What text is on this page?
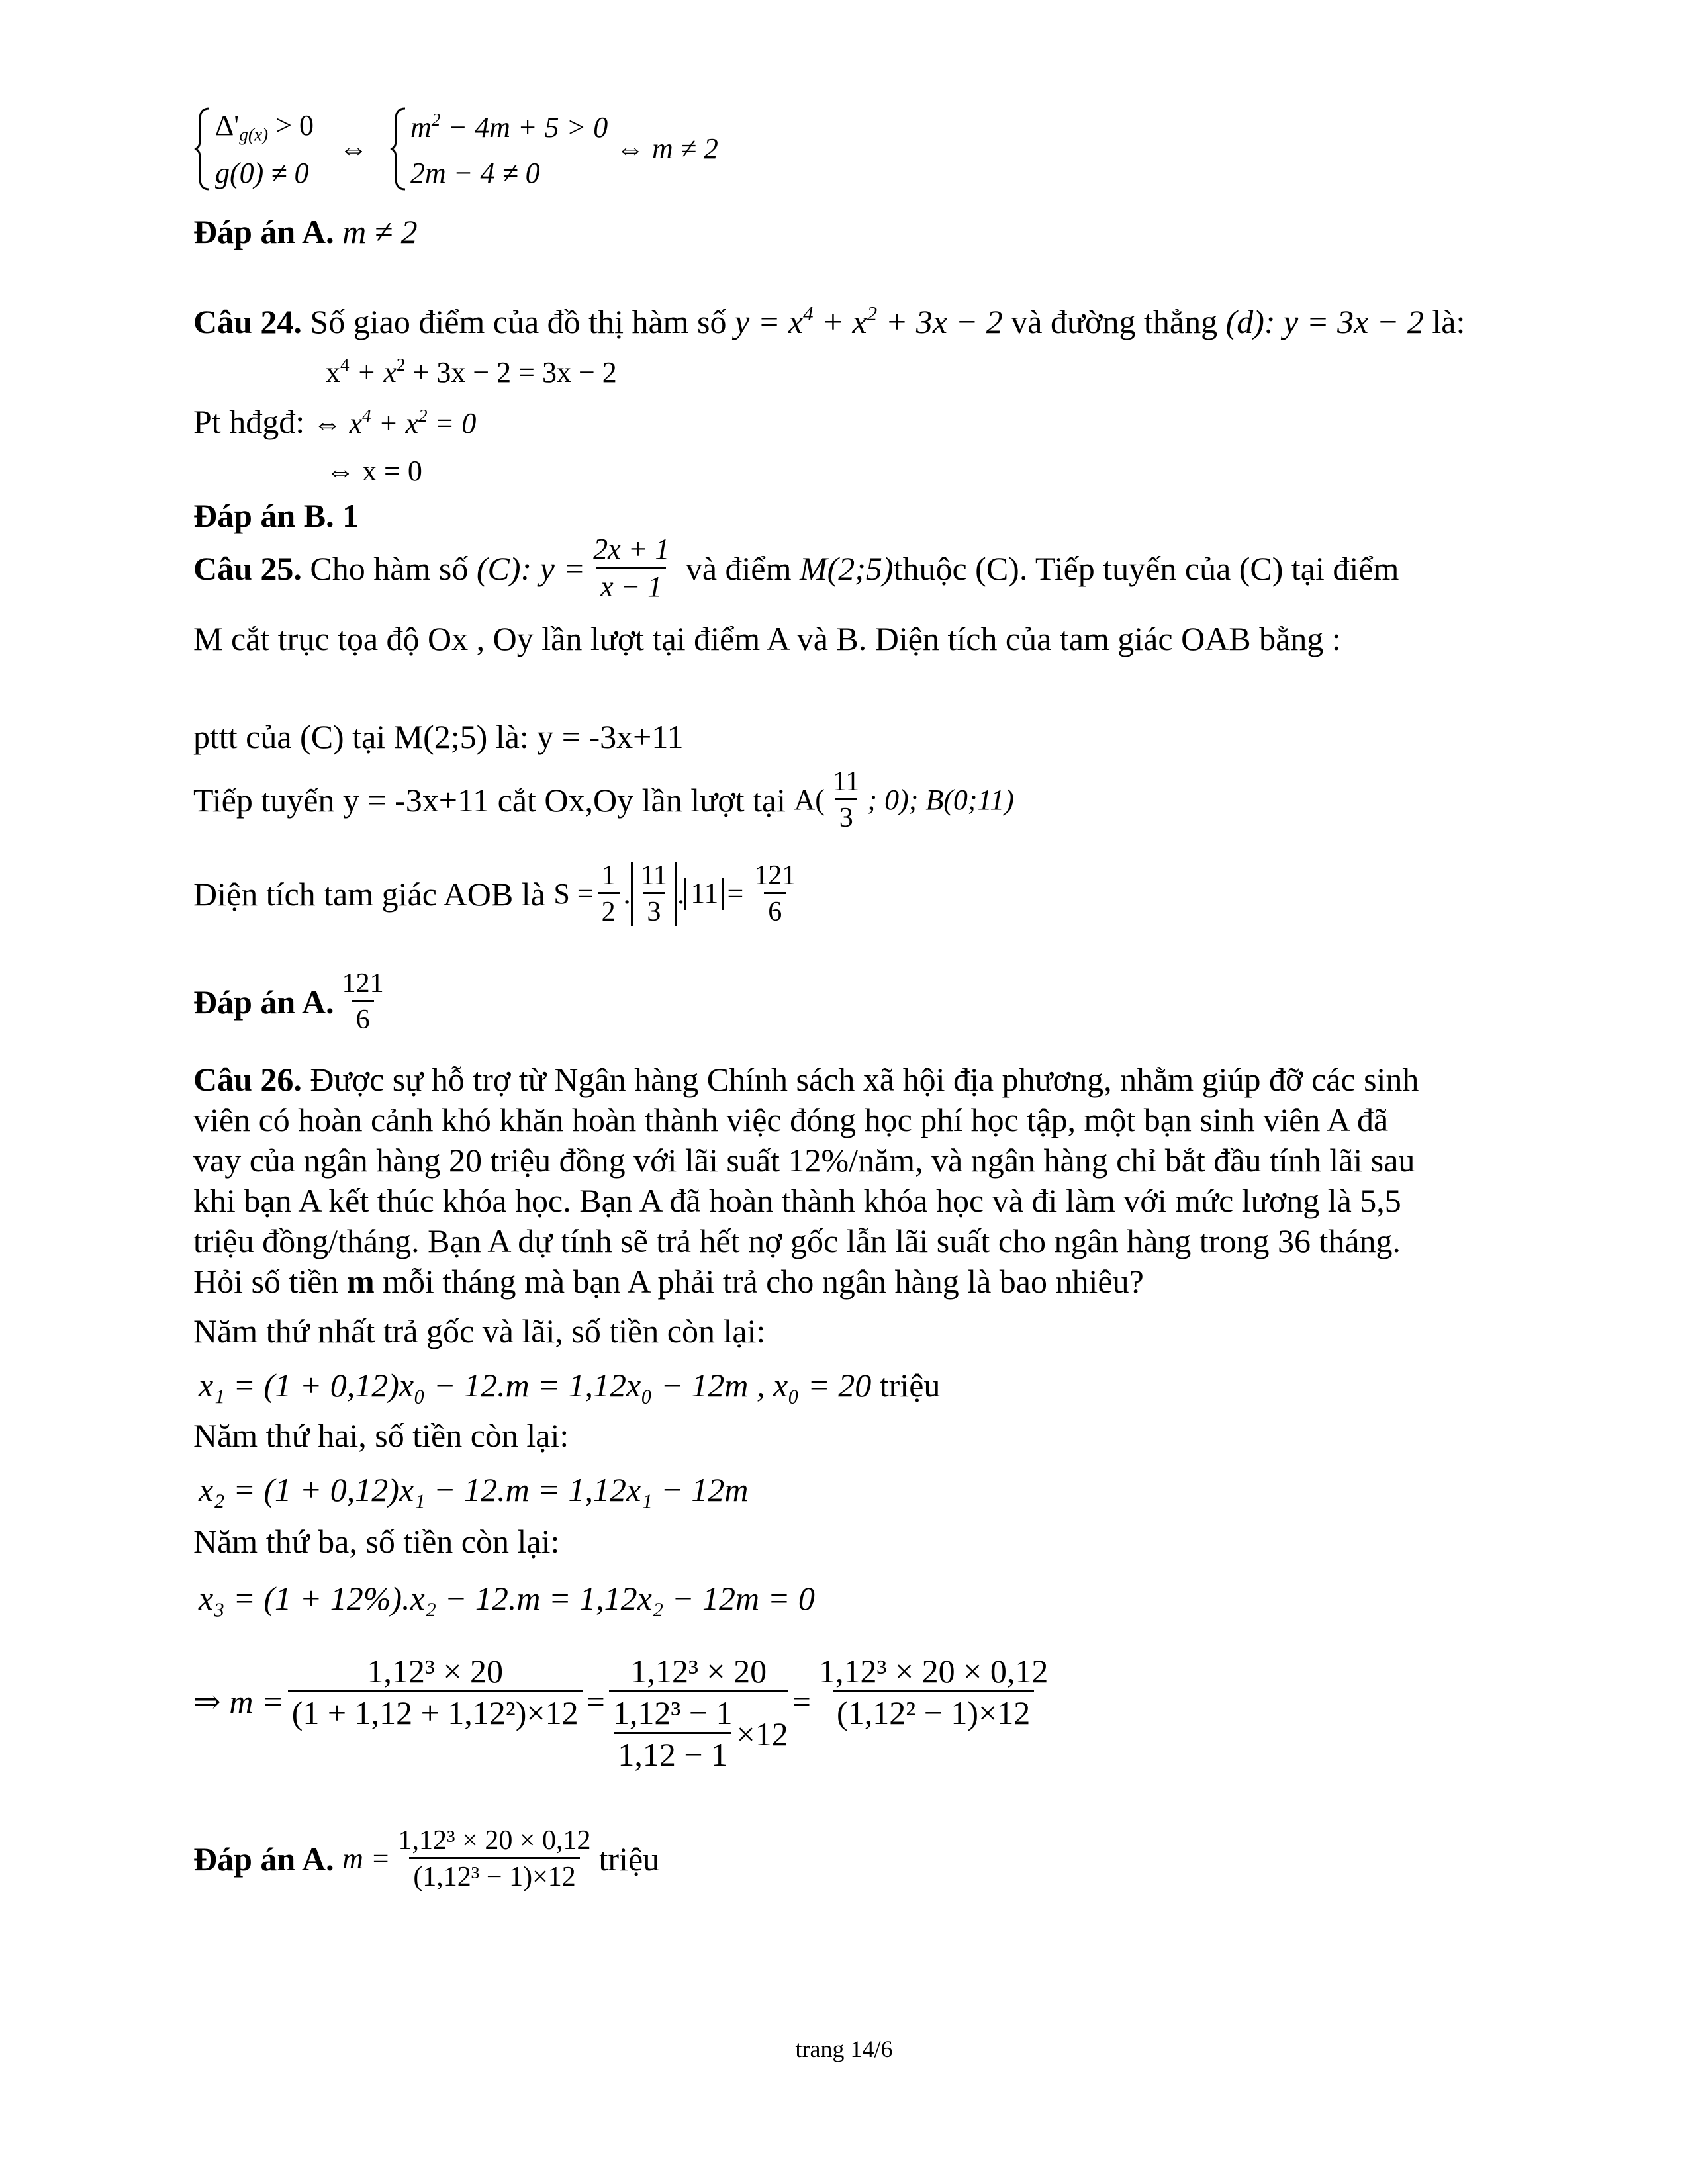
$\Delta'_{g(x)} > 0$
g(0) ≠ 0
⇔
$m^2 - 4m + 5 > 0$
2m − 4 ≠ 0
⇔ m ≠ 2
Đáp án A. m ≠ 2
Câu 24. Số giao điểm của đồ thị hàm số $y = x^4 + x^2 + 3x - 2$ và đường thẳng (d): y = 3x − 2 là:
$x^4 + x^2 + 3x - 2 = 3x - 2$
Pt hđgđ: ⇔ $x^4 + x^2 = 0$
⇔ x = 0
Đáp án B. 1
Câu 25.
Cho hàm số
(C) : $y = \frac{2x + 1}{x - 1}$
và điểm
M(2;5) thuộc (C). Tiếp tuyến của (C) tại điểm
M cắt trục tọa độ Ox , Oy lần lượt tại điểm A và B. Diện tích của tam giác OAB bằng :
pttt của (C) tại M(2;5) là: y = -3x+11
Tiếp tuyến y = -3x+11 cắt Ox,Oy lần lượt tại
$A( \frac{11}{3}$ ; 0); B(0;11)
Diện tích tam giác AOB là
$S = \frac{1}{2}$ . $\frac{11}{3}$ . $11 = \frac{121}{6}$
Đáp án A. $\frac{121}{6}$
Câu 26. Được sự hỗ trợ từ Ngân hàng Chính sách xã hội địa phương, nhằm giúp đỡ các sinh
viên có hoàn cảnh khó khăn hoàn thành việc đóng học phí học tập, một bạn sinh viên A đã
vay của ngân hàng 20 triệu đồng với lãi suất 12%/năm, và ngân hàng chỉ bắt đầu tính lãi sau
khi bạn A kết thúc khóa học. Bạn A đã hoàn thành khóa học và đi làm với mức lương là 5,5
triệu đồng/tháng. Bạn A dự tính sẽ trả hết nợ gốc lẫn lãi suất cho ngân hàng trong 36 tháng.
Hỏi số tiền m mỗi tháng mà bạn A phải trả cho ngân hàng là bao nhiêu?
Năm thứ nhất trả gốc và lãi, số tiền còn lại:
x₁ = (1 + 0,12)x₀ − 12.m = 1,12x₀ − 12m , x₀ = 20 triệu
Năm thứ hai, số tiền còn lại:
x₂ = (1 + 0,12)x₁ − 12.m = 1,12x₁ − 12m
Năm thứ ba, số tiền còn lại:
x₃ = (1 + 12%).x₂ − 12.m = 1,12x₂ − 12m = 0
⇒ $m = \frac{\text{1,12³ × 20}}{\text{(1 + 1,12 + 1,12²)×12}} = \frac{\text{1,12³ × 20}}{\frac{\text{1,12³ − 1}}{1,12 - 1} \times 12} = \frac{\text{1,12³ × 20 × 0,12}}{\text{(1,12² − 1)×12}}$
Đáp án A.
$m = \frac{\text{1,12³ × 20 × 0,12}}{\text{(1,12³ − 1)×12}}$ triệu
trang 14/6
